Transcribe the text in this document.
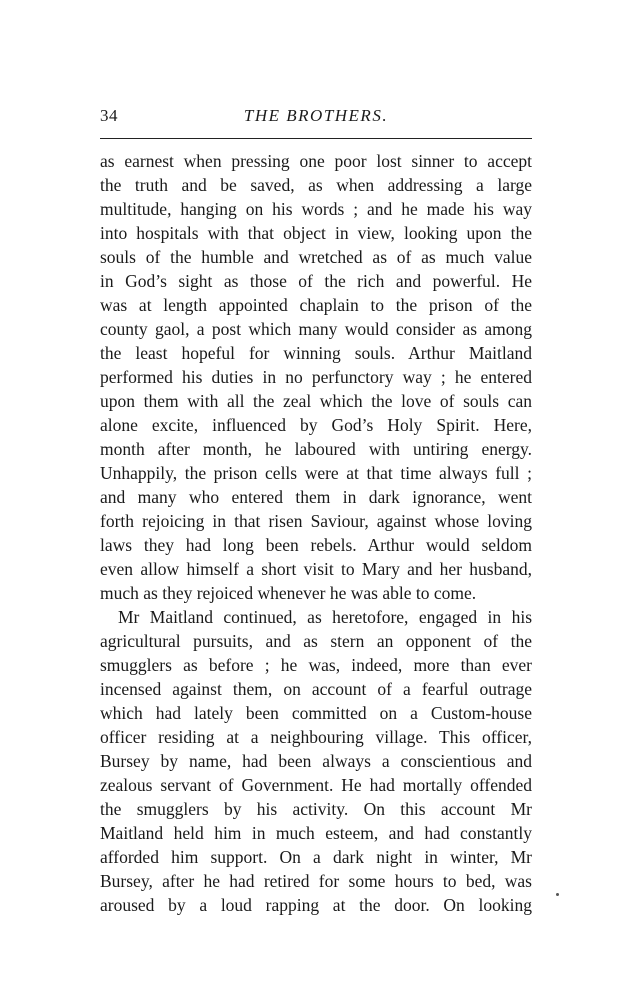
34	THE BROTHERS.
as earnest when pressing one poor lost sinner to accept
the truth and be saved, as when addressing a large
multitude, hanging on his words ; and he made his way
into hospitals with that object in view, looking upon the
souls of the humble and wretched as of as much value
in God’s sight as those of the rich and powerful. He
was at length appointed chaplain to the prison of the
county gaol, a post which many would consider as among
the least hopeful for winning souls. Arthur Maitland
performed his duties in no perfunctory way ; he entered
upon them with all the zeal which the love of souls can
alone excite, influenced by God’s Holy Spirit. Here,
month after month, he laboured with untiring energy.
Unhappily, the prison cells were at that time always full ;
and many who entered them in dark ignorance, went
forth rejoicing in that risen Saviour, against whose loving
laws they had long been rebels. Arthur would seldom
even allow himself a short visit to Mary and her husband,
much as they rejoiced whenever he was able to come.
Mr Maitland continued, as heretofore, engaged in his
agricultural pursuits, and as stern an opponent of the
smugglers as before ; he was, indeed, more than ever
incensed against them, on account of a fearful outrage
which had lately been committed on a Custom-house
officer residing at a neighbouring village. This officer,
Bursey by name, had been always a conscientious and
zealous servant of Government. He had mortally offended
the smugglers by his activity. On this account Mr
Maitland held him in much esteem, and had constantly
afforded him support. On a dark night in winter, Mr
Bursey, after he had retired for some hours to bed, was
aroused by a loud rapping at the door. On looking
